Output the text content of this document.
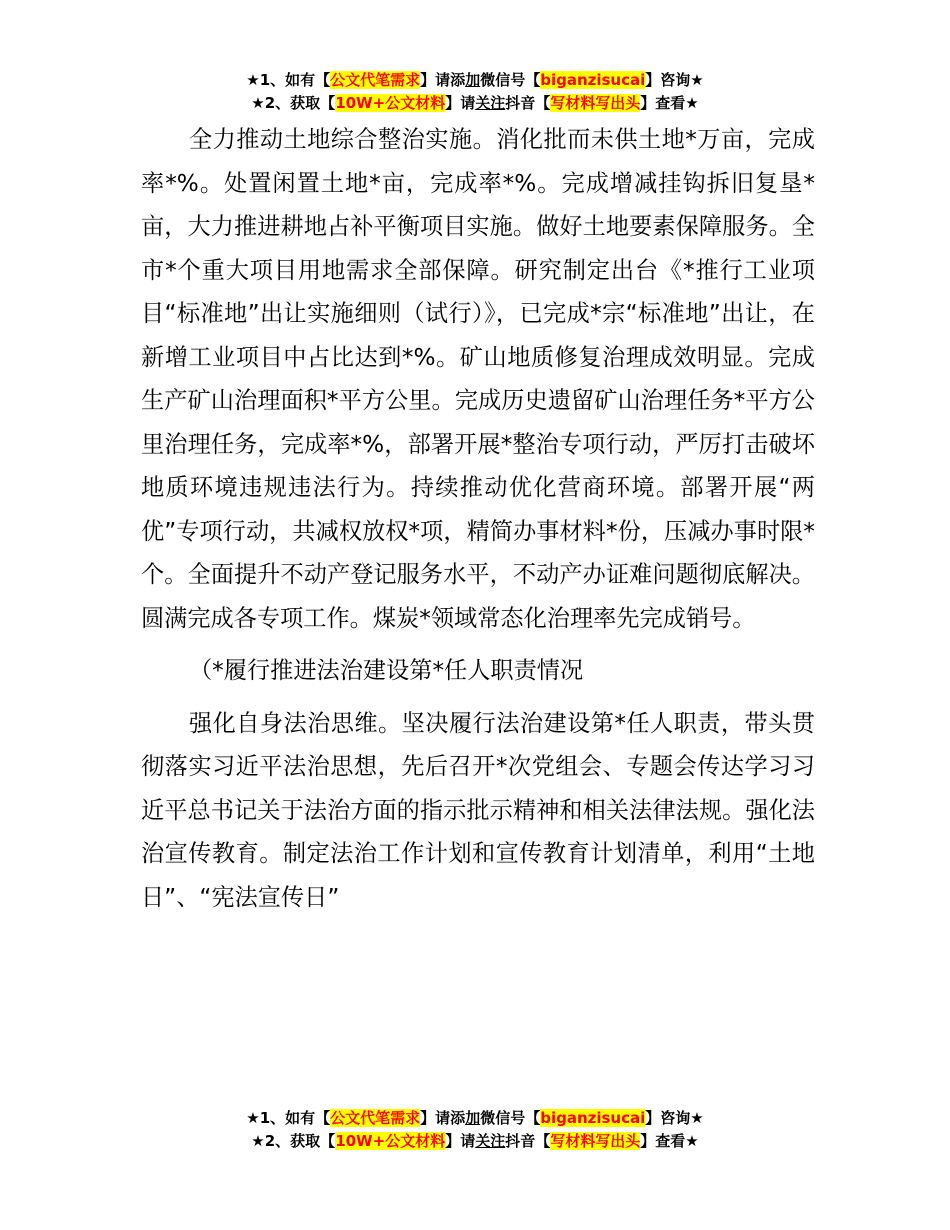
★1、如有【公文代笔需求】请添加微信号【biganzisucai】咨询★
★2、获取【10W+公文材料】请关注抖音【写材料写出头】查看★

全力推动土地综合整治实施。消化批而未供土地*万亩，完成率*%。处置闲置土地*亩，完成率*%。完成增减挂钩拆旧复垦*亩，大力推进耕地占补平衡项目实施。做好土地要素保障服务。全市*个重大项目用地需求全部保障。研究制定出台《*推行工业项目“标准地”出让实施细则（试行）》，已完成*宗“标准地”出让，在新增工业项目中占比达到*%。矿山地质修复治理成效明显。完成生产矿山治理面积*平方公里。完成历史遗留矿山治理任务*平方公里治理任务，完成率*%，部署开展*整治专项行动，严厉打击破坏地质环境违规违法行为。持续推动优化营商环境。部署开展“两优”专项行动，共减权放权*项，精简办事材料*份，压减办事时限*个。全面提升不动产登记服务水平，不动产办证难问题彻底解决。圆满完成各专项工作。煤炭*领域常态化治理率先完成销号。

（*履行推进法治建设第*任人职责情况

强化自身法治思维。坚决履行法治建设第*任人职责，带头贯彻落实习近平法治思想，先后召开*次党组会、专题会传达学习习近平总书记关于法治方面的指示批示精神和相关法律法规。强化法治宣传教育。制定法治工作计划和宣传教育计划清单，利用“土地日”、“宪法宣传日”

★1、如有【公文代笔需求】请添加微信号【biganzisucai】咨询★
★2、获取【10W+公文材料】请关注抖音【写材料写出头】查看★
